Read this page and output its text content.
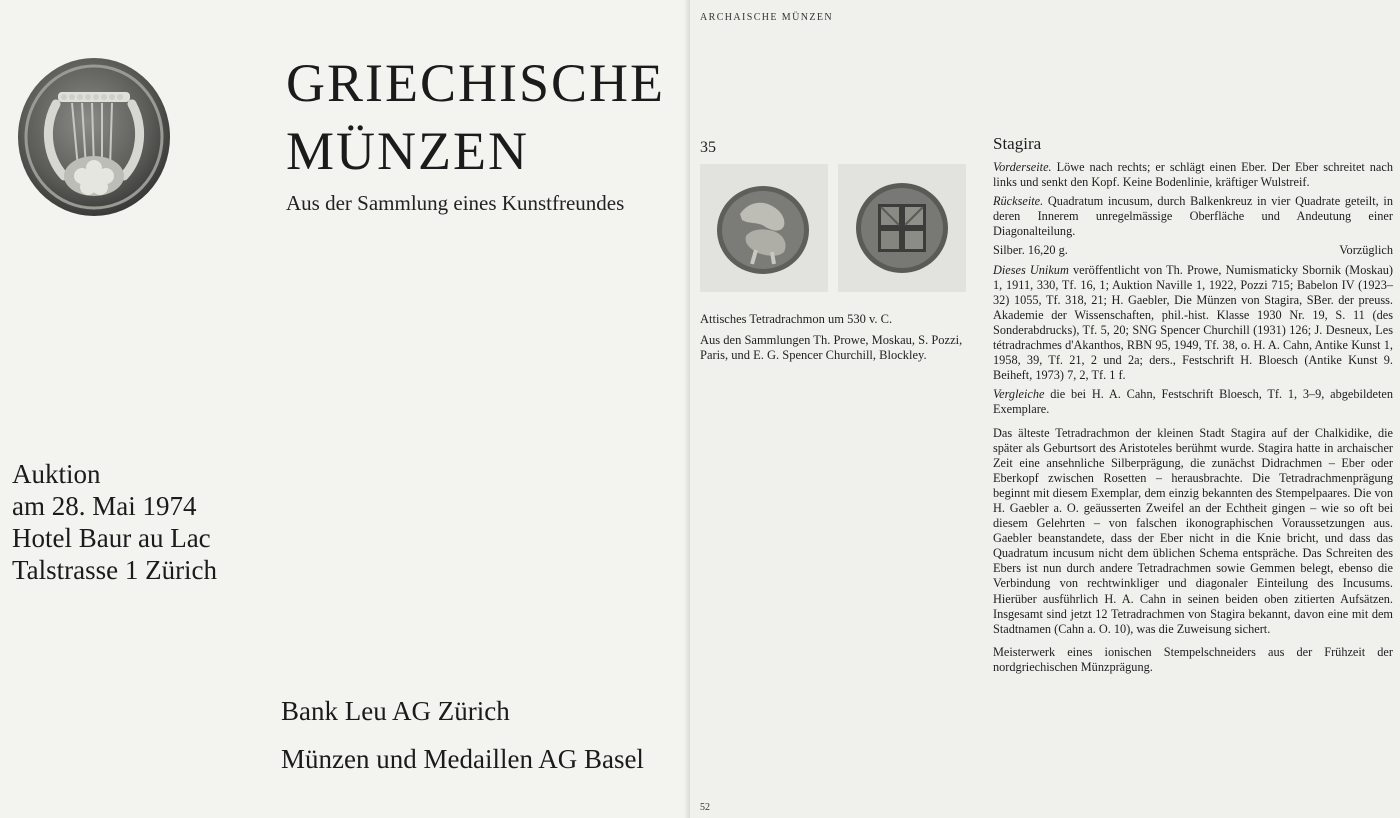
GRIECHISCHE
MÜNZEN
Aus der Sammlung eines Kunstfreundes
Auktion
am 28. Mai 1974
Hotel Baur au Lac
Talstrasse 1 Zürich
Bank Leu AG Zürich
Münzen und Medaillen AG Basel
ARCHAISCHE MÜNZEN
35
Attisches Tetradrachmon um 530 v. C.
Aus den Sammlungen Th. Prowe, Moskau, S. Pozzi, Paris, und E. G. Spencer Churchill, Blockley.
Stagira

Vorderseite. Löwe nach rechts; er schlägt einen Eber. Der Eber schreitet nach links und senkt den Kopf. Keine Bodenlinie, kräftiger Wulstreif.

Rückseite. Quadratum incusum, durch Balkenkreuz in vier Quadrate geteilt, in deren Innerem unregelmässige Oberfläche und Andeutung einer Diagonalteilung.

Silber. 16,20 g.	Vorzüglich

Dieses Unikum veröffentlicht von Th. Prowe, Numismaticky Sbornik (Moskau) 1, 1911, 330, Tf. 16, 1; Auktion Naville 1, 1922, Pozzi 715; Babelon IV (1923–32) 1055, Tf. 318, 21; H. Gaebler, Die Münzen von Stagira, SBer. der preuss. Akademie der Wissenschaften, phil.-hist. Klasse 1930 Nr. 19, S. 11 (des Sonderabdrucks), Tf. 5, 20; SNG Spencer Churchill (1931) 126; J. Desneux, Les tétradrachmes d'Akanthos, RBN 95, 1949, Tf. 38, o. H. A. Cahn, Antike Kunst 1, 1958, 39, Tf. 21, 2 und 2a; ders., Festschrift H. Bloesch (Antike Kunst 9. Beiheft, 1973) 7, 2, Tf. 1 f.

Vergleiche die bei H. A. Cahn, Festschrift Bloesch, Tf. 1, 3–9, abgebildeten Exemplare.

Das älteste Tetradrachmon der kleinen Stadt Stagira auf der Chalkidike, die später als Geburtsort des Aristoteles berühmt wurde. Stagira hatte in archaischer Zeit eine ansehnliche Silberprägung, die zunächst Didrachmen – Eber oder Eberkopf zwischen Rosetten – herausbrachte. Die Tetradrachmenprägung beginnt mit diesem Exemplar, dem einzig bekannten des Stempelpaares. Die von H. Gaebler a. O. geäusserten Zweifel an der Echtheit gingen – wie so oft bei diesem Gelehrten – von falschen ikonographischen Voraussetzungen aus. Gaebler beanstandete, dass der Eber nicht in die Knie bricht, und dass das Quadratum incusum nicht dem üblichen Schema entspräche. Das Schreiten des Ebers ist nun durch andere Tetradrachmen sowie Gemmen belegt, ebenso die Verbindung von rechtwinkliger und diagonaler Einteilung des Incusums. Hierüber ausführlich H. A. Cahn in seinen beiden oben zitierten Aufsätzen. Insgesamt sind jetzt 12 Tetradrachmen von Stagira bekannt, davon eine mit dem Stadtnamen (Cahn a. O. 10), was die Zuweisung sichert.

Meisterwerk eines ionischen Stempelschneiders aus der Frühzeit der nordgriechischen Münzprägung.

52
